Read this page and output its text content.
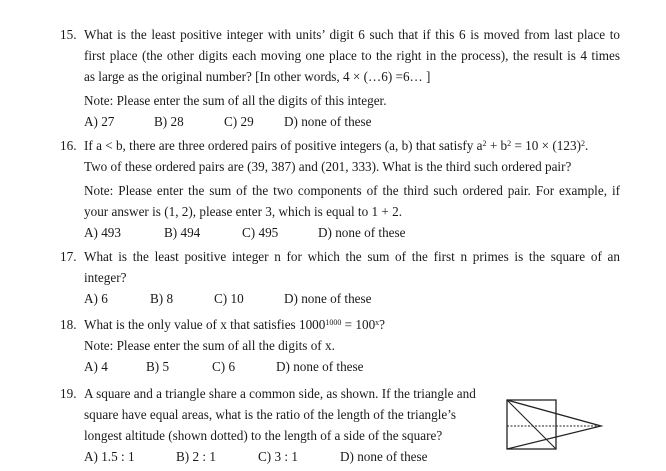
15. What is the least positive integer with units’ digit 6 such that if this 6 is moved from last place to
first place (the other digits each moving one place to the right in the process), the result is 4 times
as large as the original number? [In other words, 4 × (…6) =6… ]
Note: Please enter the sum of all the digits of this integer.
A) 27	B) 28	C) 29 D) none of these
16. If a < b, there are three ordered pairs of positive integers (a, b) that satisfy $a^2 + b^2 = 10 \times (123)^2$.
Two of these ordered pairs are (39, 387) and (201, 333). What is the third such ordered pair?
Note: Please enter the sum of the two components of the third such ordered pair. For example, if
your answer is (1, 2), please enter 3, which is equal to 1 + 2.
A) 493	B) 494	C) 495	D) none of these
17. What is the least positive integer n for which the sum of the first n primes is the square of an
integer?
A) 6	B) 8	C) 10	D) none of these
18. What is the only value of x that satisfies $1000^{1000} = 100^x$?
Note: Please enter the sum of all the digits of x.
A) 4	B) 5	C) 6	D) none of these
19. A square and a triangle share a common side, as shown. If the triangle and
square have equal areas, what is the ratio of the length of the triangle’s
longest altitude (shown dotted) to the length of a side of the square?
A) 1.5 : 1	B) 2 : 1	C) 3 : 1	D) none of these
